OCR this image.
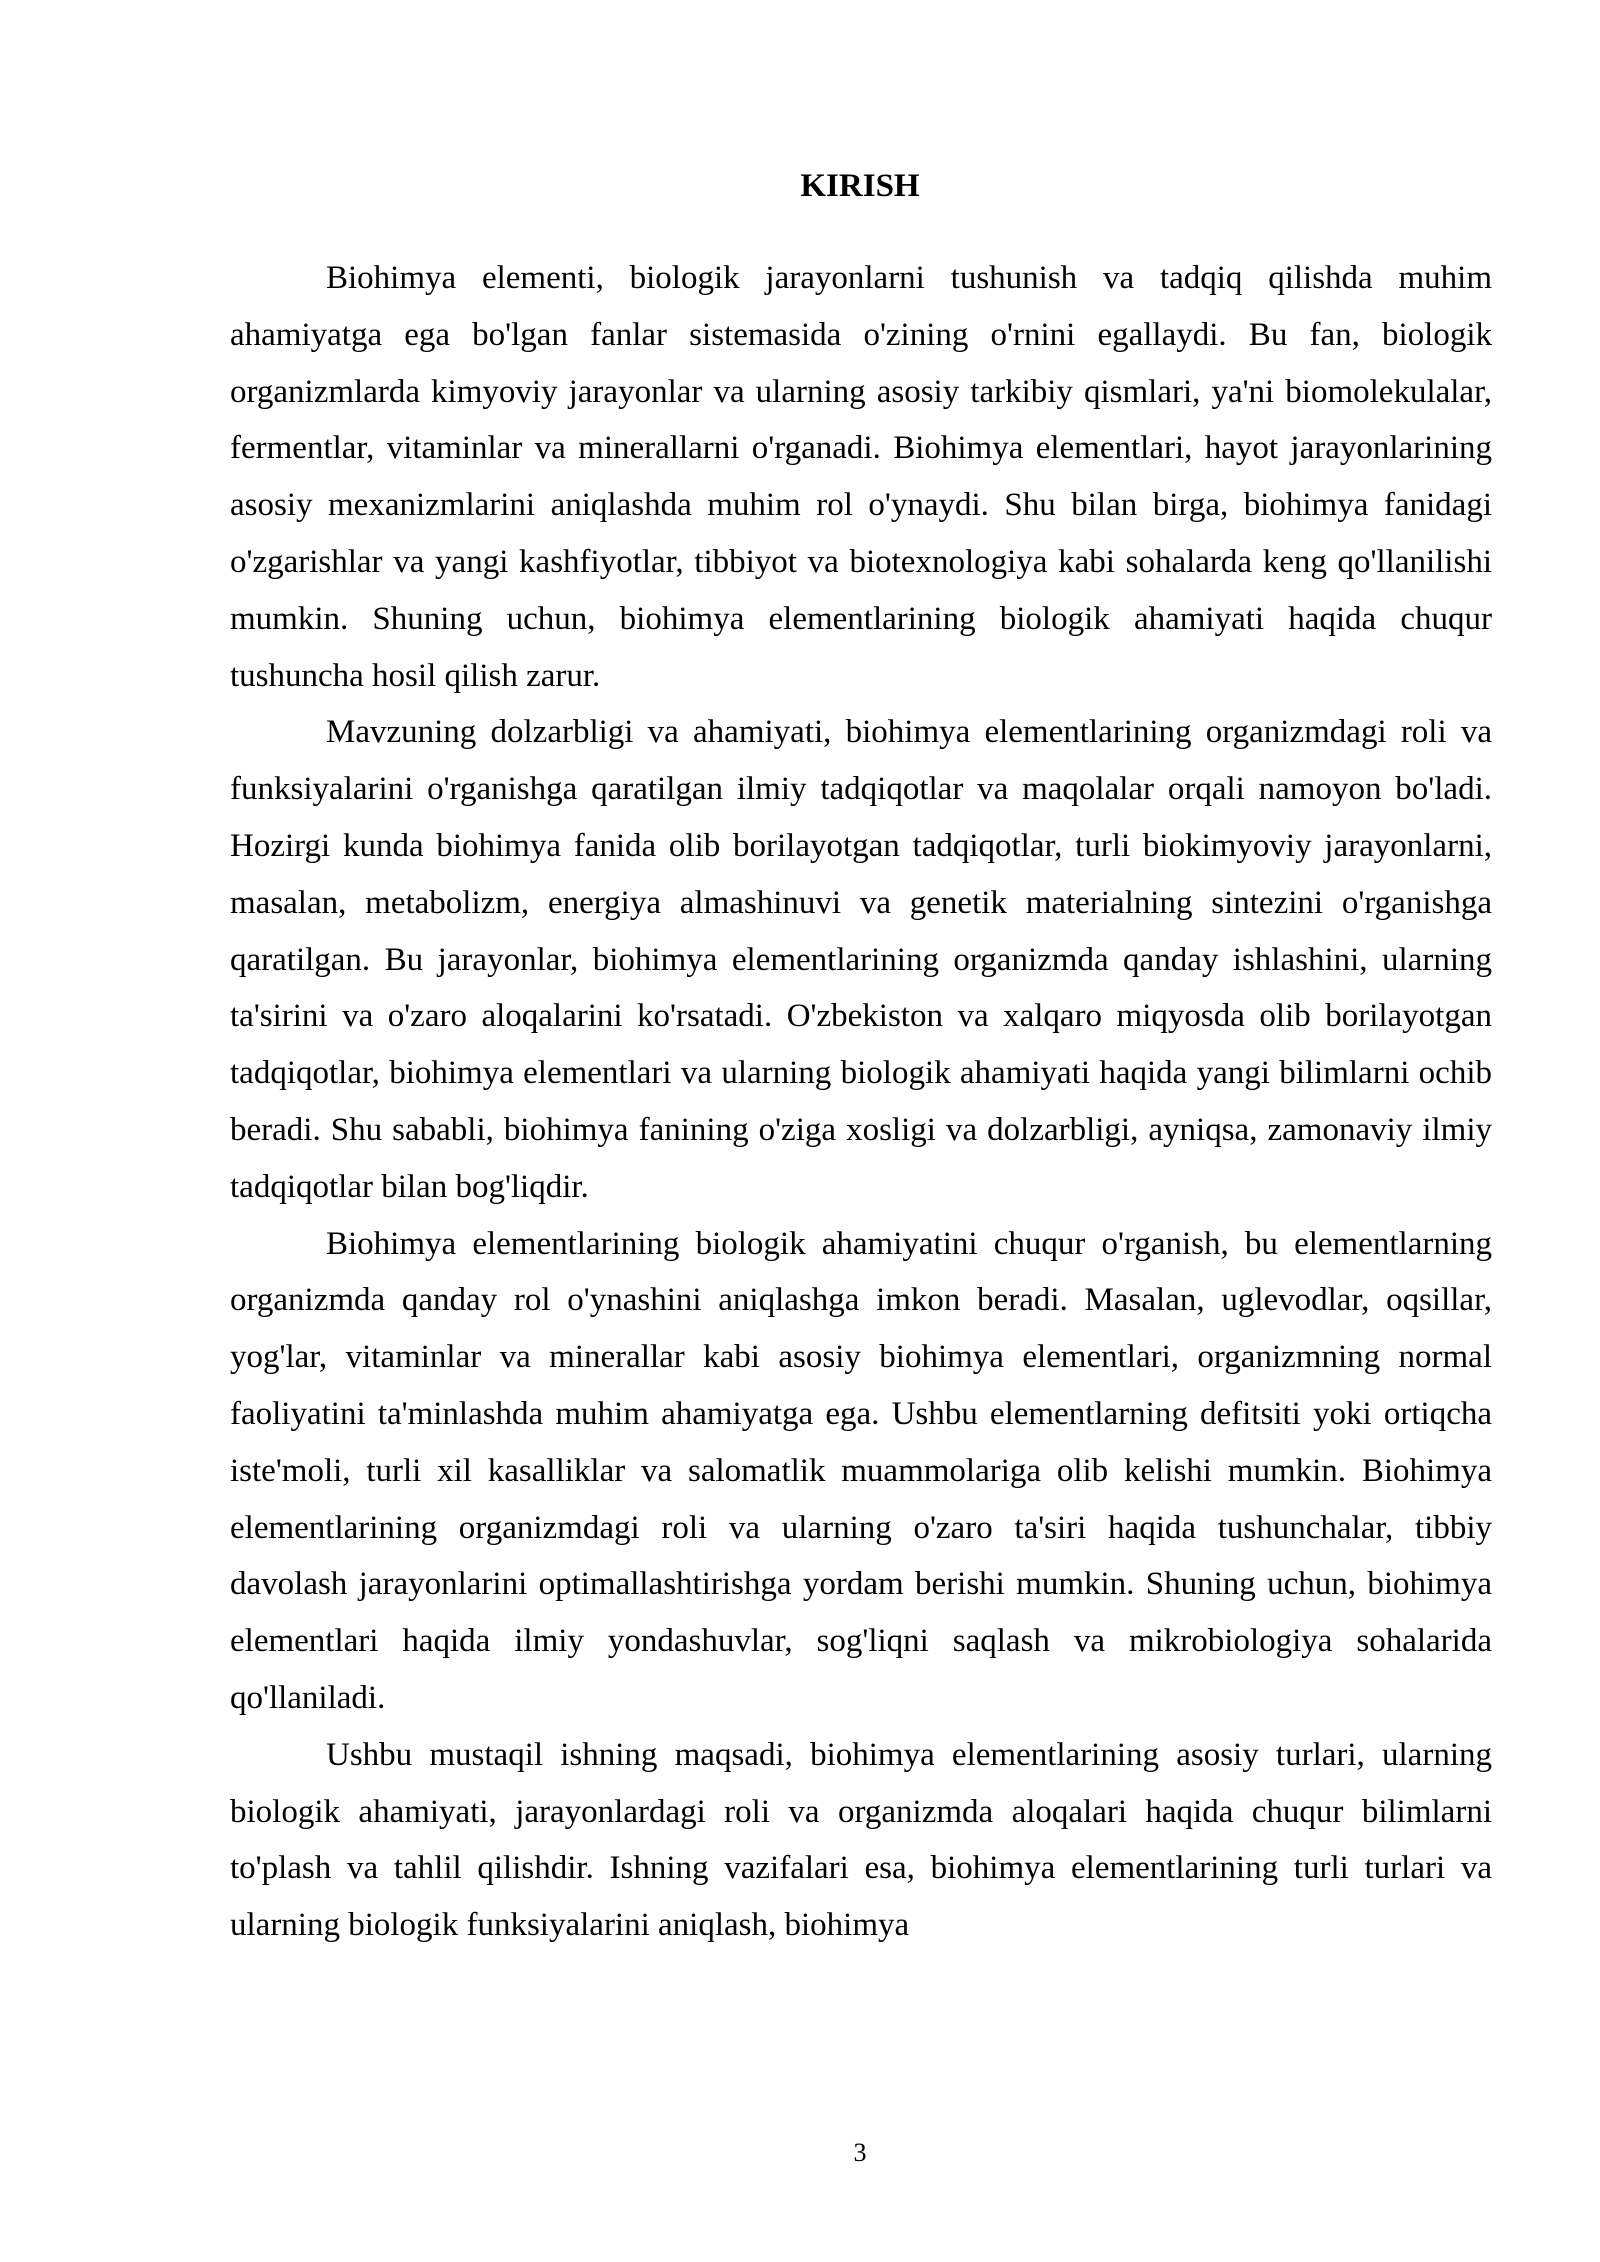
KIRISH

Biohimya elementi, biologik jarayonlarni tushunish va tadqiq qilishda muhim ahamiyatga ega bo'lgan fanlar sistemasida o'zining o'rnini egallaydi. Bu fan, biologik organizmlarda kimyoviy jarayonlar va ularning asosiy tarkibiy qismlari, ya'ni biomolekulalar, fermentlar, vitaminlar va minerallarni o'rganadi. Biohimya elementlari, hayot jarayonlarining asosiy mexanizmlarini aniqlashda muhim rol o'ynaydi. Shu bilan birga, biohimya fanidagi o'zgarishlar va yangi kashfiyotlar, tibbiyot va biotexnologiya kabi sohalarda keng qo'llanilishi mumkin. Shuning uchun, biohimya elementlarining biologik ahamiyati haqida chuqur tushuncha hosil qilish zarur.

Mavzuning dolzarbligi va ahamiyati, biohimya elementlarining organizmdagi roli va funksiyalarini o'rganishga qaratilgan ilmiy tadqiqotlar va maqolalar orqali namoyon bo'ladi. Hozirgi kunda biohimya fanida olib borilayotgan tadqiqotlar, turli biokimyoviy jarayonlarni, masalan, metabolizm, energiya almashinuvi va genetik materialning sintezini o'rganishga qaratilgan. Bu jarayonlar, biohimya elementlarining organizmda qanday ishlashini, ularning ta'sirini va o'zaro aloqalarini ko'rsatadi. O'zbekiston va xalqaro miqyosda olib borilayotgan tadqiqotlar, biohimya elementlari va ularning biologik ahamiyati haqida yangi bilimlarni ochib beradi. Shu sababli, biohimya fanining o'ziga xosligi va dolzarbligi, ayniqsa, zamonaviy ilmiy tadqiqotlar bilan bog'liqdir.

Biohimya elementlarining biologik ahamiyatini chuqur o'rganish, bu elementlarning organizmda qanday rol o'ynashini aniqlashga imkon beradi. Masalan, uglevodlar, oqsillar, yog'lar, vitaminlar va minerallar kabi asosiy biohimya elementlari, organizmning normal faoliyatini ta'minlashda muhim ahamiyatga ega. Ushbu elementlarning defitsiti yoki ortiqcha iste'moli, turli xil kasalliklar va salomatlik muammolariga olib kelishi mumkin. Biohimya elementlarining organizmdagi roli va ularning o'zaro ta'siri haqida tushunchalar, tibbiy davolash jarayonlarini optimallashtirishga yordam berishi mumkin. Shuning uchun, biohimya elementlari haqida ilmiy yondashuvlar, sog'liqni saqlash va mikrobiologiya sohalarida qo'llaniladi.

Ushbu mustaqil ishning maqsadi, biohimya elementlarining asosiy turlari, ularning biologik ahamiyati, jarayonlardagi roli va organizmda aloqalari haqida chuqur bilimlarni to'plash va tahlil qilishdir. Ishning vazifalari esa, biohimya elementlarining turli turlari va ularning biologik funksiyalarini aniqlash, biohimya

3
